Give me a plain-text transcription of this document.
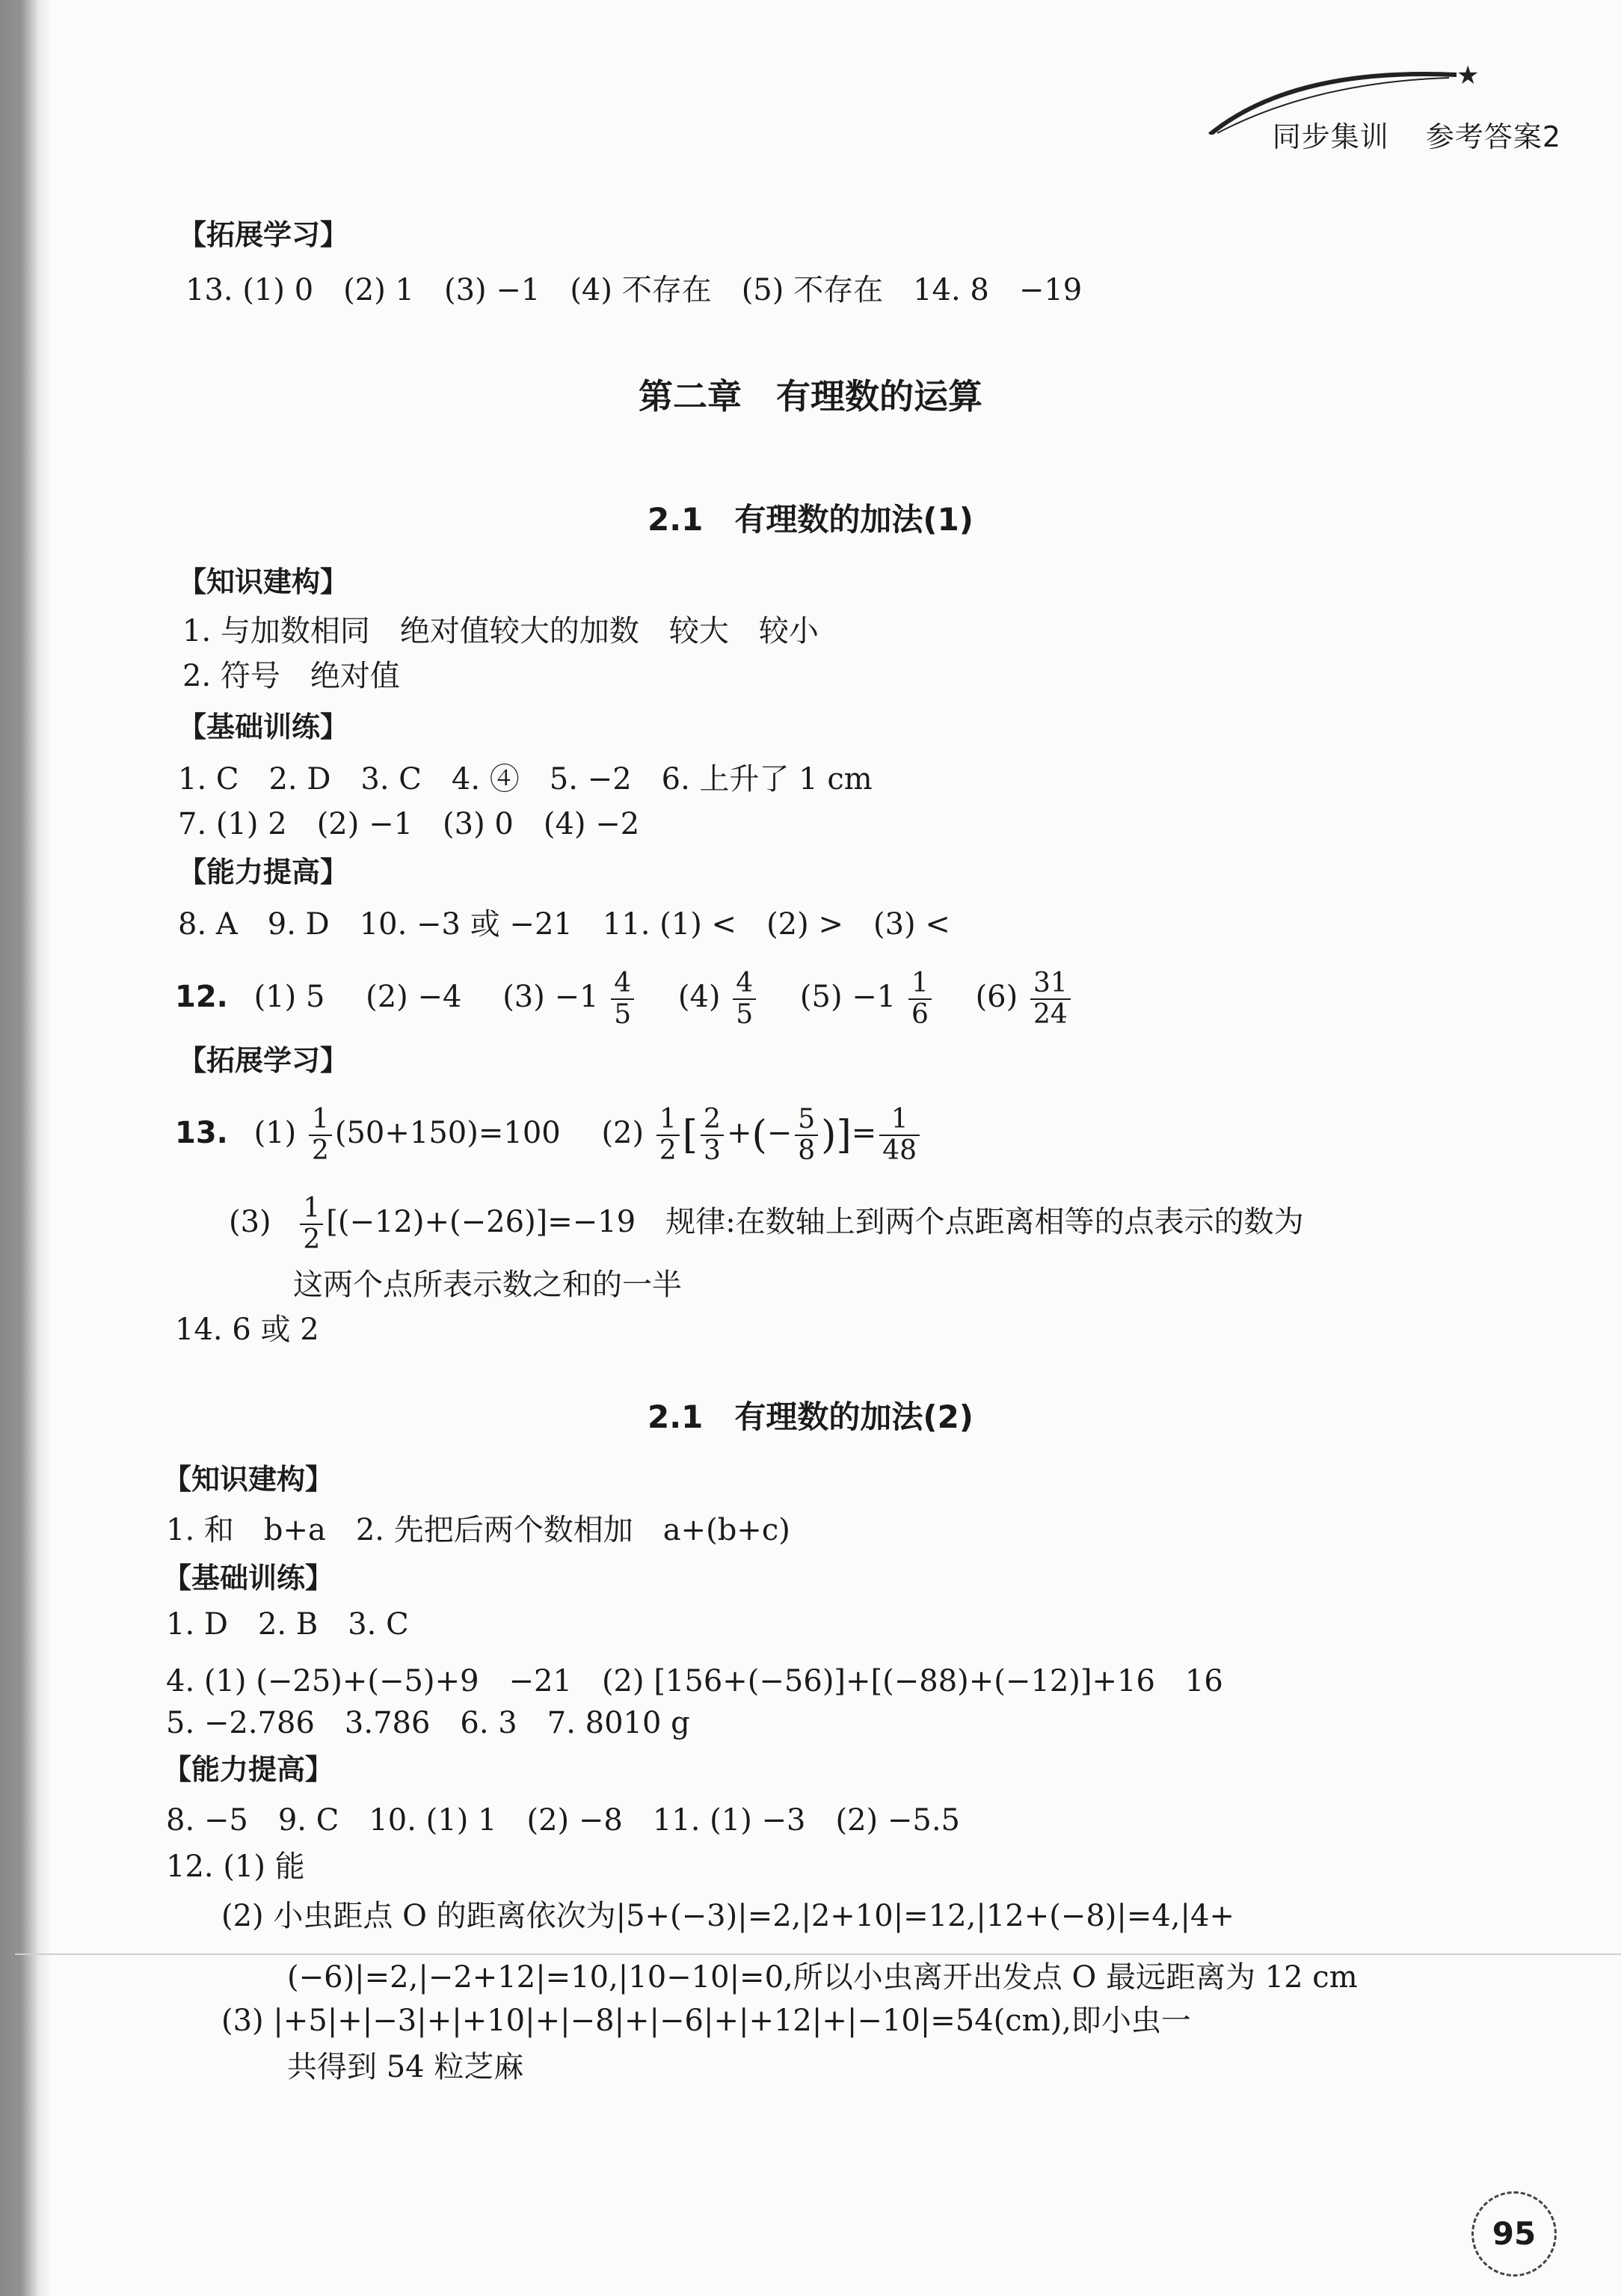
★
同步集训 参考答案2
【拓展学习】
13. (1) 0　(2) 1　(3) −1　(4) 不存在　(5) 不存在　14. 8　−19
第二章　有理数的运算
2.1　有理数的加法(1)
【知识建构】
1. 与加数相同　绝对值较大的加数　较大　较小
2. 符号　绝对值
【基础训练】
1. C　2. D　3. C　4. ④　5. −2　6. 上升了 1 cm
7. (1) 2　(2) −1　(3) 0　(4) −2
【能力提高】
8. A　9. D　10. −3 或 −21　11. (1) <　(2) >　(3) <
12. (1) 5 (2) −4 $(3) -1 \frac{4}{5} (4) \frac{4}{5} (5) -1 \frac{1}{6} (6) \frac{31}{24}$
【拓展学习】
13. $(1) \frac{1}{2} (50+150)=100$ $(2) \frac{1}{2}$ [ $\frac{2}{3}$ +(− $\frac{5}{8}$ )]= $\frac{1}{48}$
$(3) \frac{1}{2} [(-12)+(-26)]=-19$　规律:在数轴上到两个点距离相等的点表示的数为
这两个点所表示数之和的一半
14. 6 或 2
2.1　有理数的加法(2)
【知识建构】
1. 和　b+a　2. 先把后两个数相加　a+(b+c)
【基础训练】
1. D　2. B　3. C
4. (1) (−25)+(−5)+9　−21　(2) [156+(−56)]+[(−88)+(−12)]+16　16
5. −2.786　3.786　6. 3　7. 8010 g
【能力提高】
8. −5　9. C　10. (1) 1　(2) −8　11. (1) −3　(2) −5.5
12. (1) 能
(2) 小虫距点 O 的距离依次为|5+(−3)|=2,|2+10|=12,|12+(−8)|=4,|4+
(−6)|=2,|−2+12|=10,|10−10|=0,所以小虫离开出发点 O 最远距离为 12 cm
(3) |+5|+|−3|+|+10|+|−8|+|−6|+|+12|+|−10|=54(cm),即小虫一
共得到 54 粒芝麻
95
